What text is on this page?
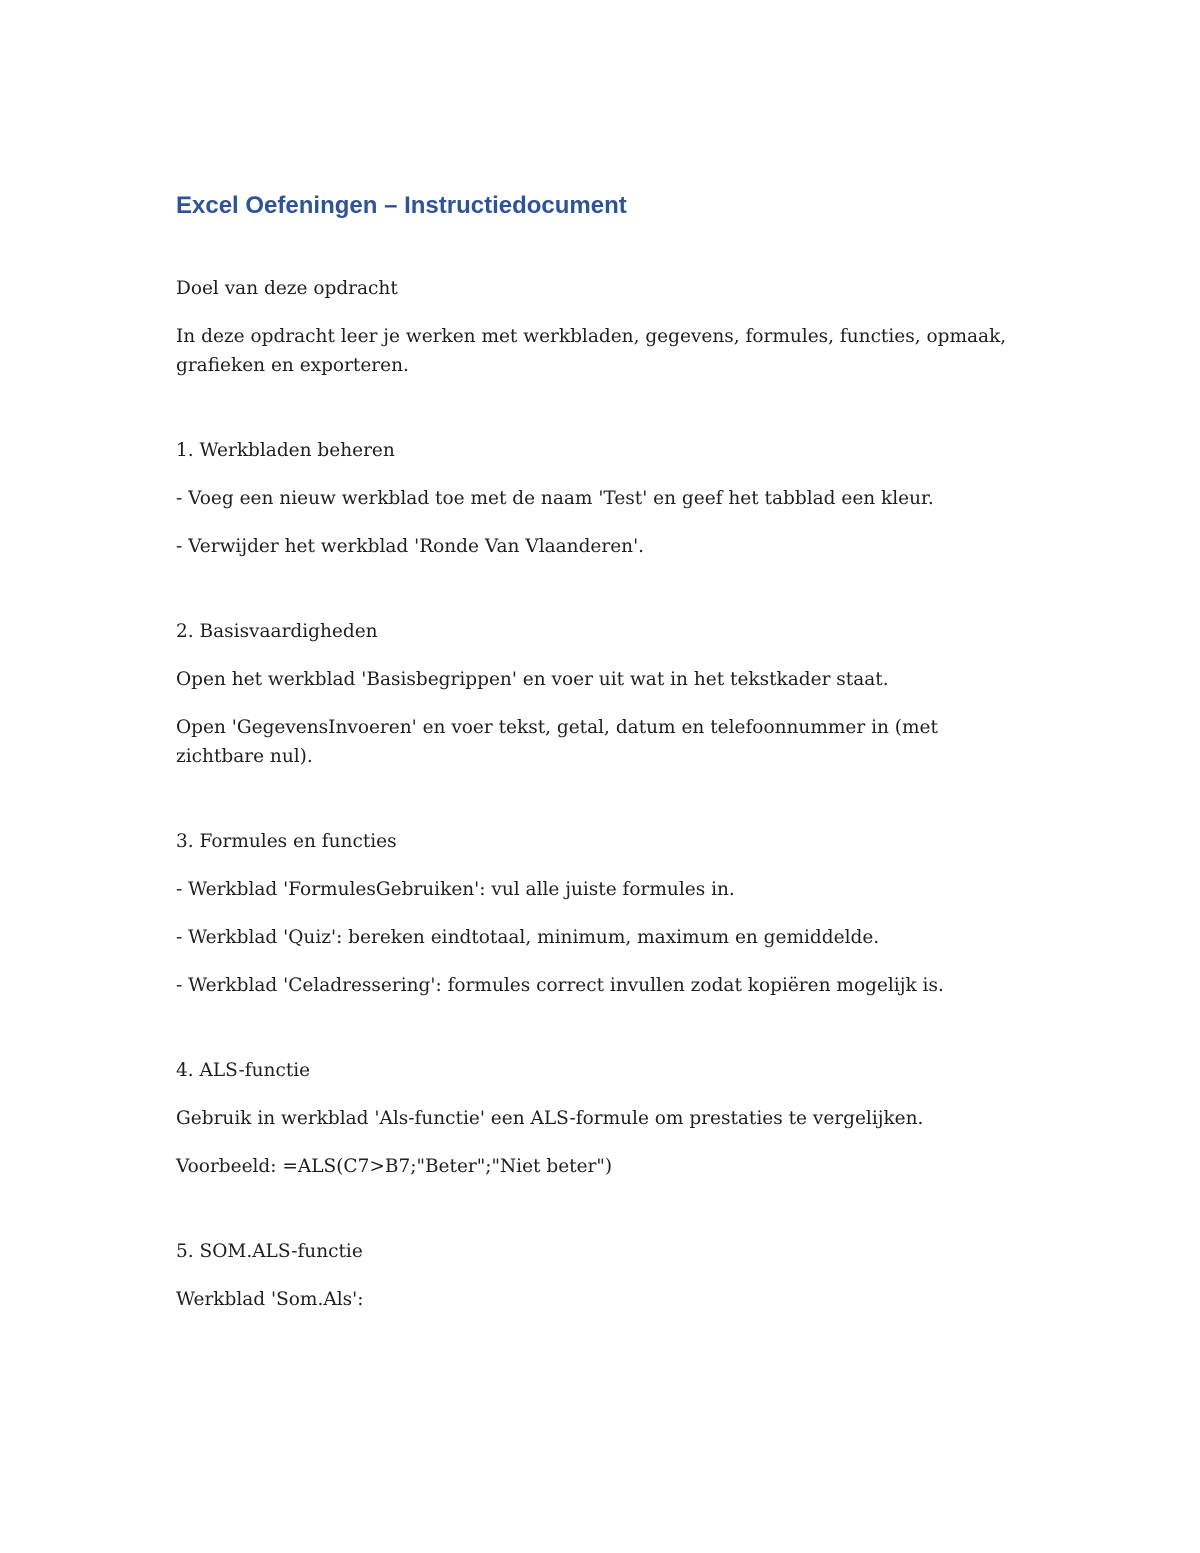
Excel Oefeningen – Instructiedocument

Doel van deze opdracht

In deze opdracht leer je werken met werkbladen, gegevens, formules, functies, opmaak, grafieken en exporteren.

1. Werkbladen beheren

- Voeg een nieuw werkblad toe met de naam 'Test' en geef het tabblad een kleur.

- Verwijder het werkblad 'Ronde Van Vlaanderen'.

2. Basisvaardigheden

Open het werkblad 'Basisbegrippen' en voer uit wat in het tekstkader staat.

Open 'GegevensInvoeren' en voer tekst, getal, datum en telefoonnummer in (met zichtbare nul).

3. Formules en functies

- Werkblad 'FormulesGebruiken': vul alle juiste formules in.

- Werkblad 'Quiz': bereken eindtotaal, minimum, maximum en gemiddelde.

- Werkblad 'Celadressering': formules correct invullen zodat kopiëren mogelijk is.

4. ALS-functie

Gebruik in werkblad 'Als-functie' een ALS-formule om prestaties te vergelijken.

Voorbeeld: =ALS(C7>B7;"Beter";"Niet beter")

5. SOM.ALS-functie

Werkblad 'Som.Als':
